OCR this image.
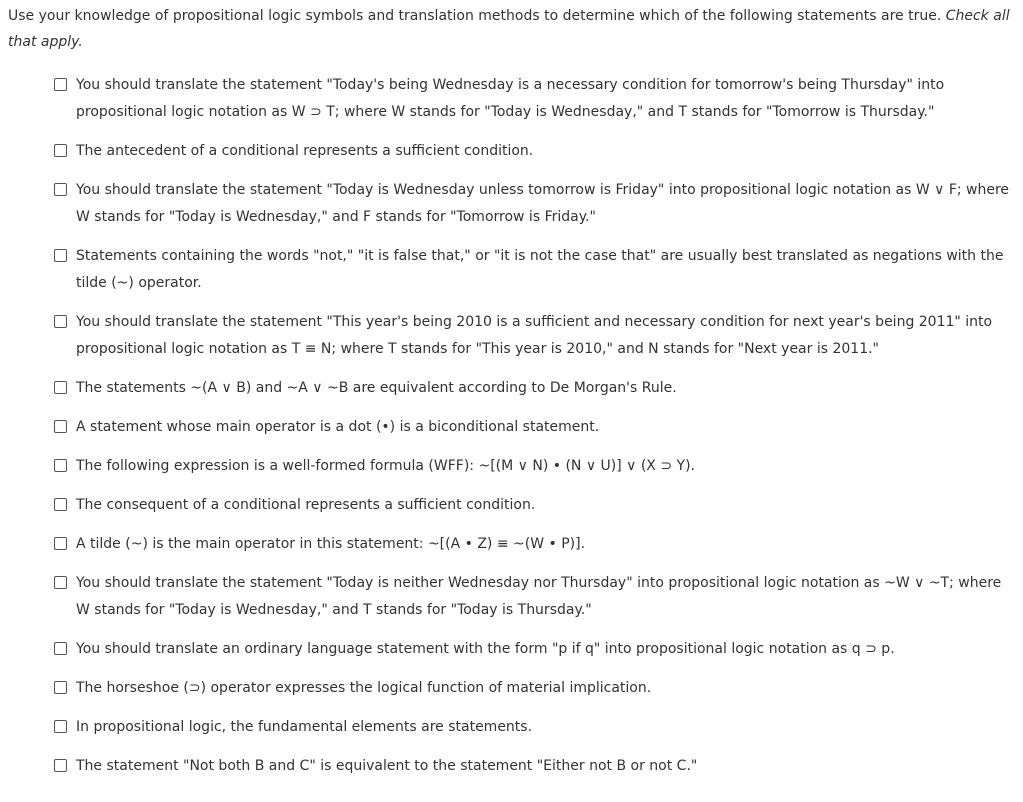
Use your knowledge of propositional logic symbols and translation methods to determine which of the following statements are true. Check all that apply.

You should translate the statement "Today's being Wednesday is a necessary condition for tomorrow's being Thursday" into propositional logic notation as W ⊃ T; where W stands for "Today is Wednesday," and T stands for "Tomorrow is Thursday."
The antecedent of a conditional represents a sufficient condition.
You should translate the statement "Today is Wednesday unless tomorrow is Friday" into propositional logic notation as W ∨ F; where W stands for "Today is Wednesday," and F stands for "Tomorrow is Friday."
Statements containing the words "not," "it is false that," or "it is not the case that" are usually best translated as negations with the tilde (~) operator.
You should translate the statement "This year's being 2010 is a sufficient and necessary condition for next year's being 2011" into propositional logic notation as T ≡ N; where T stands for "This year is 2010," and N stands for "Next year is 2011."
The statements ~(A ∨ B) and ~A ∨ ~B are equivalent according to De Morgan's Rule.
A statement whose main operator is a dot (•) is a biconditional statement.
The following expression is a well-formed formula (WFF): ~[(M ∨ N) • (N ∨ U)] ∨ (X ⊃ Y).
The consequent of a conditional represents a sufficient condition.
A tilde (~) is the main operator in this statement: ~[(A • Z) ≡ ~(W • P)].
You should translate the statement "Today is neither Wednesday nor Thursday" into propositional logic notation as ~W ∨ ~T; where W stands for "Today is Wednesday," and T stands for "Today is Thursday."
You should translate an ordinary language statement with the form "p if q" into propositional logic notation as q ⊃ p.
The horseshoe (⊃) operator expresses the logical function of material implication.
In propositional logic, the fundamental elements are statements.
The statement "Not both B and C" is equivalent to the statement "Either not B or not C."
